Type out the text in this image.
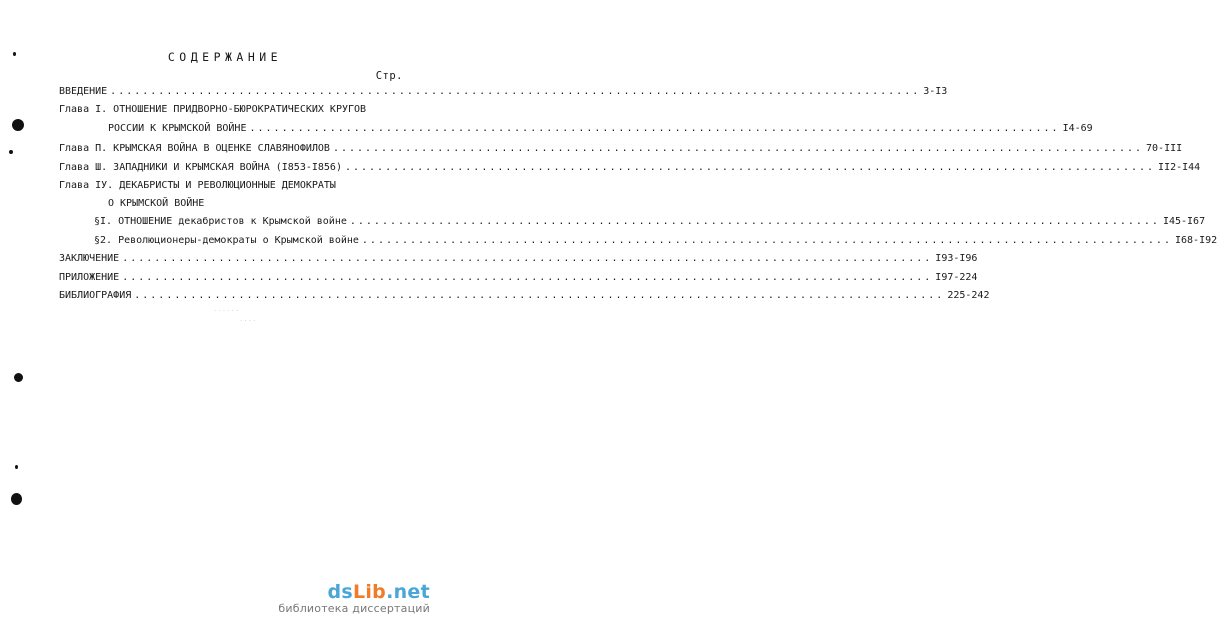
СОДЕРЖАНИЕ
Стр.
ВВЕДЕНИЕ ..................................................................................................... 3-I3
Глава I. ОТНОШЕНИЕ ПРИДВОРНО-БЮРОКРАТИЧЕСКИХ КРУГОВ
РОССИИ К КРЫМСКОЙ ВОЙНЕ ..................................................................................................... I4-69
Глава П. КРЫМСКАЯ ВОЙНА В ОЦЕНКЕ СЛАВЯНОФИЛОВ ..................................................................................................... 70-III
Глава Ш. ЗАПАДНИКИ И КРЫМСКАЯ ВОЙНА (I853-I856) ..................................................................................................... II2-I44
Глава IУ. ДЕКАБРИСТЫ И РЕВОЛЮЦИОННЫЕ ДЕМОКРАТЫ
О КРЫМСКОЙ ВОЙНЕ
§I. ОТНОШЕНИЕ декабристов к Крымской войне ..................................................................................................... I45-I67
§2. Революционеры-демократы о Крымской войне ..................................................................................................... I68-I92
ЗАКЛЮЧЕНИЕ ..................................................................................................... I93-I96
ПРИЛОЖЕНИЕ ..................................................................................................... I97-224
БИБЛИОГРАФИЯ ..................................................................................................... 225-242
· · · · · ·
· · · ·
dsLib.net
библиотека диссертаций
